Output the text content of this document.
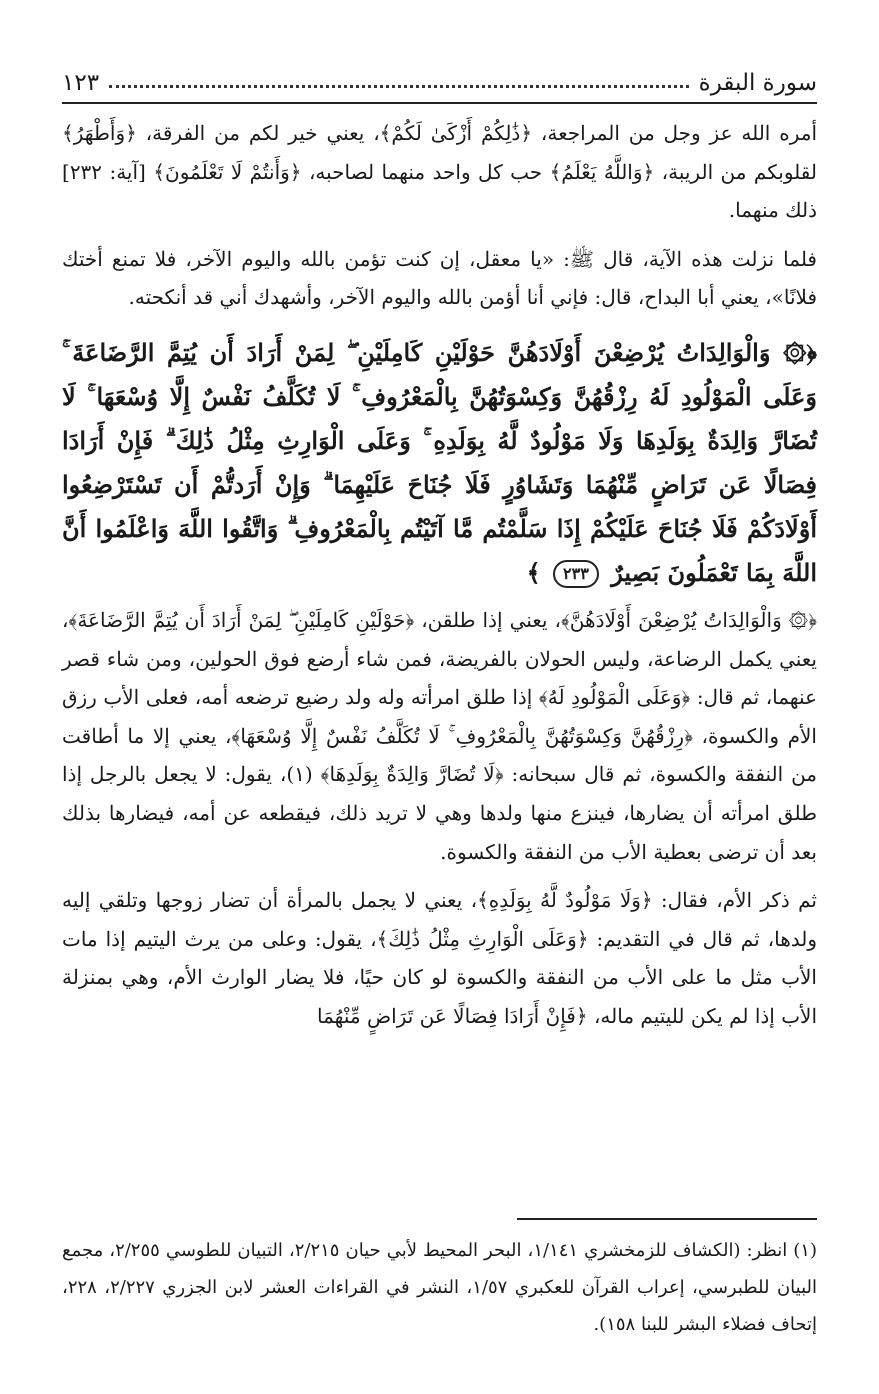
سورة البقرة
١٢٣

أمره الله عز وجل من المراجعة، ﴿ذَٰلِكُمْ أَزْكَىٰ لَكُمْ﴾، يعني خير لكم من الفرقة، ﴿وَأَطْهَرُ﴾ لقلوبكم من الريبة، ﴿وَاللَّهُ يَعْلَمُ﴾ حب كل واحد منهما لصاحبه، ﴿وَأَنتُمْ لَا تَعْلَمُونَ﴾ [آية: ٢٣٢] ذلك منهما.

فلما نزلت هذه الآية، قال ﷺ: «يا معقل، إن كنت تؤمن بالله واليوم الآخر، فلا تمنع أختك فلانًا»، يعني أبا البداح، قال: فإني أنا أؤمن بالله واليوم الآخر، وأشهدك أني قد أنكحته.

﴿۞ وَالْوَالِدَاتُ يُرْضِعْنَ أَوْلَادَهُنَّ حَوْلَيْنِ كَامِلَيْنِ ۖ لِمَنْ أَرَادَ أَن يُتِمَّ الرَّضَاعَةَ ۚ وَعَلَى الْمَوْلُودِ لَهُ رِزْقُهُنَّ وَكِسْوَتُهُنَّ بِالْمَعْرُوفِ ۚ لَا تُكَلَّفُ نَفْسٌ إِلَّا وُسْعَهَا ۚ لَا تُضَارَّ وَالِدَةٌ بِوَلَدِهَا وَلَا مَوْلُودٌ لَّهُ بِوَلَدِهِ ۚ وَعَلَى الْوَارِثِ مِثْلُ ذَٰلِكَ ۗ فَإِنْ أَرَادَا فِصَالًا عَن تَرَاضٍ مِّنْهُمَا وَتَشَاوُرٍ فَلَا جُنَاحَ عَلَيْهِمَا ۗ وَإِنْ أَرَدتُّمْ أَن تَسْتَرْضِعُوا أَوْلَادَكُمْ فَلَا جُنَاحَ عَلَيْكُمْ إِذَا سَلَّمْتُم مَّا آتَيْتُم بِالْمَعْرُوفِ ۗ وَاتَّقُوا اللَّهَ وَاعْلَمُوا أَنَّ اللَّهَ بِمَا تَعْمَلُونَ بَصِيرٌ ٢٣٣ ﴾

﴿۞ وَالْوَالِدَاتُ يُرْضِعْنَ أَوْلَادَهُنَّ﴾، يعني إذا طلقن، ﴿حَوْلَيْنِ كَامِلَيْنِ ۖ لِمَنْ أَرَادَ أَن يُتِمَّ الرَّضَاعَةَ﴾، يعني يكمل الرضاعة، وليس الحولان بالفريضة، فمن شاء أرضع فوق الحولين، ومن شاء قصر عنهما، ثم قال: ﴿وَعَلَى الْمَوْلُودِ لَهُ﴾ إذا طلق امرأته وله ولد رضيع ترضعه أمه، فعلى الأب رزق الأم والكسوة، ﴿رِزْقُهُنَّ وَكِسْوَتُهُنَّ بِالْمَعْرُوفِ ۚ لَا تُكَلَّفُ نَفْسٌ إِلَّا وُسْعَهَا﴾، يعني إلا ما أطاقت من النفقة والكسوة، ثم قال سبحانه: ﴿لَا تُضَارَّ وَالِدَةٌ بِوَلَدِهَا﴾ (١)، يقول: لا يجعل بالرجل إذا طلق امرأته أن يضارها، فينزع منها ولدها وهي لا تريد ذلك، فيقطعه عن أمه، فيضارها بذلك بعد أن ترضى بعطية الأب من النفقة والكسوة.

ثم ذكر الأم، فقال: ﴿وَلَا مَوْلُودٌ لَّهُ بِوَلَدِهِ﴾، يعني لا يجمل بالمرأة أن تضار زوجها وتلقي إليه ولدها، ثم قال في التقديم: ﴿وَعَلَى الْوَارِثِ مِثْلُ ذَٰلِكَ﴾، يقول: وعلى من يرث اليتيم إذا مات الأب مثل ما على الأب من النفقة والكسوة لو كان حيًا، فلا يضار الوارث الأم، وهي بمنزلة الأب إذا لم يكن لليتيم ماله، ﴿فَإِنْ أَرَادَا فِصَالًا عَن تَرَاضٍ مِّنْهُمَا

(١) انظر: (الكشاف للزمخشري ١/١٤١، البحر المحيط لأبي حيان ٢/٢١٥، التبيان للطوسي ٢/٢٥٥، مجمع البيان للطبرسي، إعراب القرآن للعكبري ١/٥٧، النشر في القراءات العشر لابن الجزري ٢/٢٢٧، ٢٢٨، إتحاف فضلاء البشر للبنا ١٥٨).
